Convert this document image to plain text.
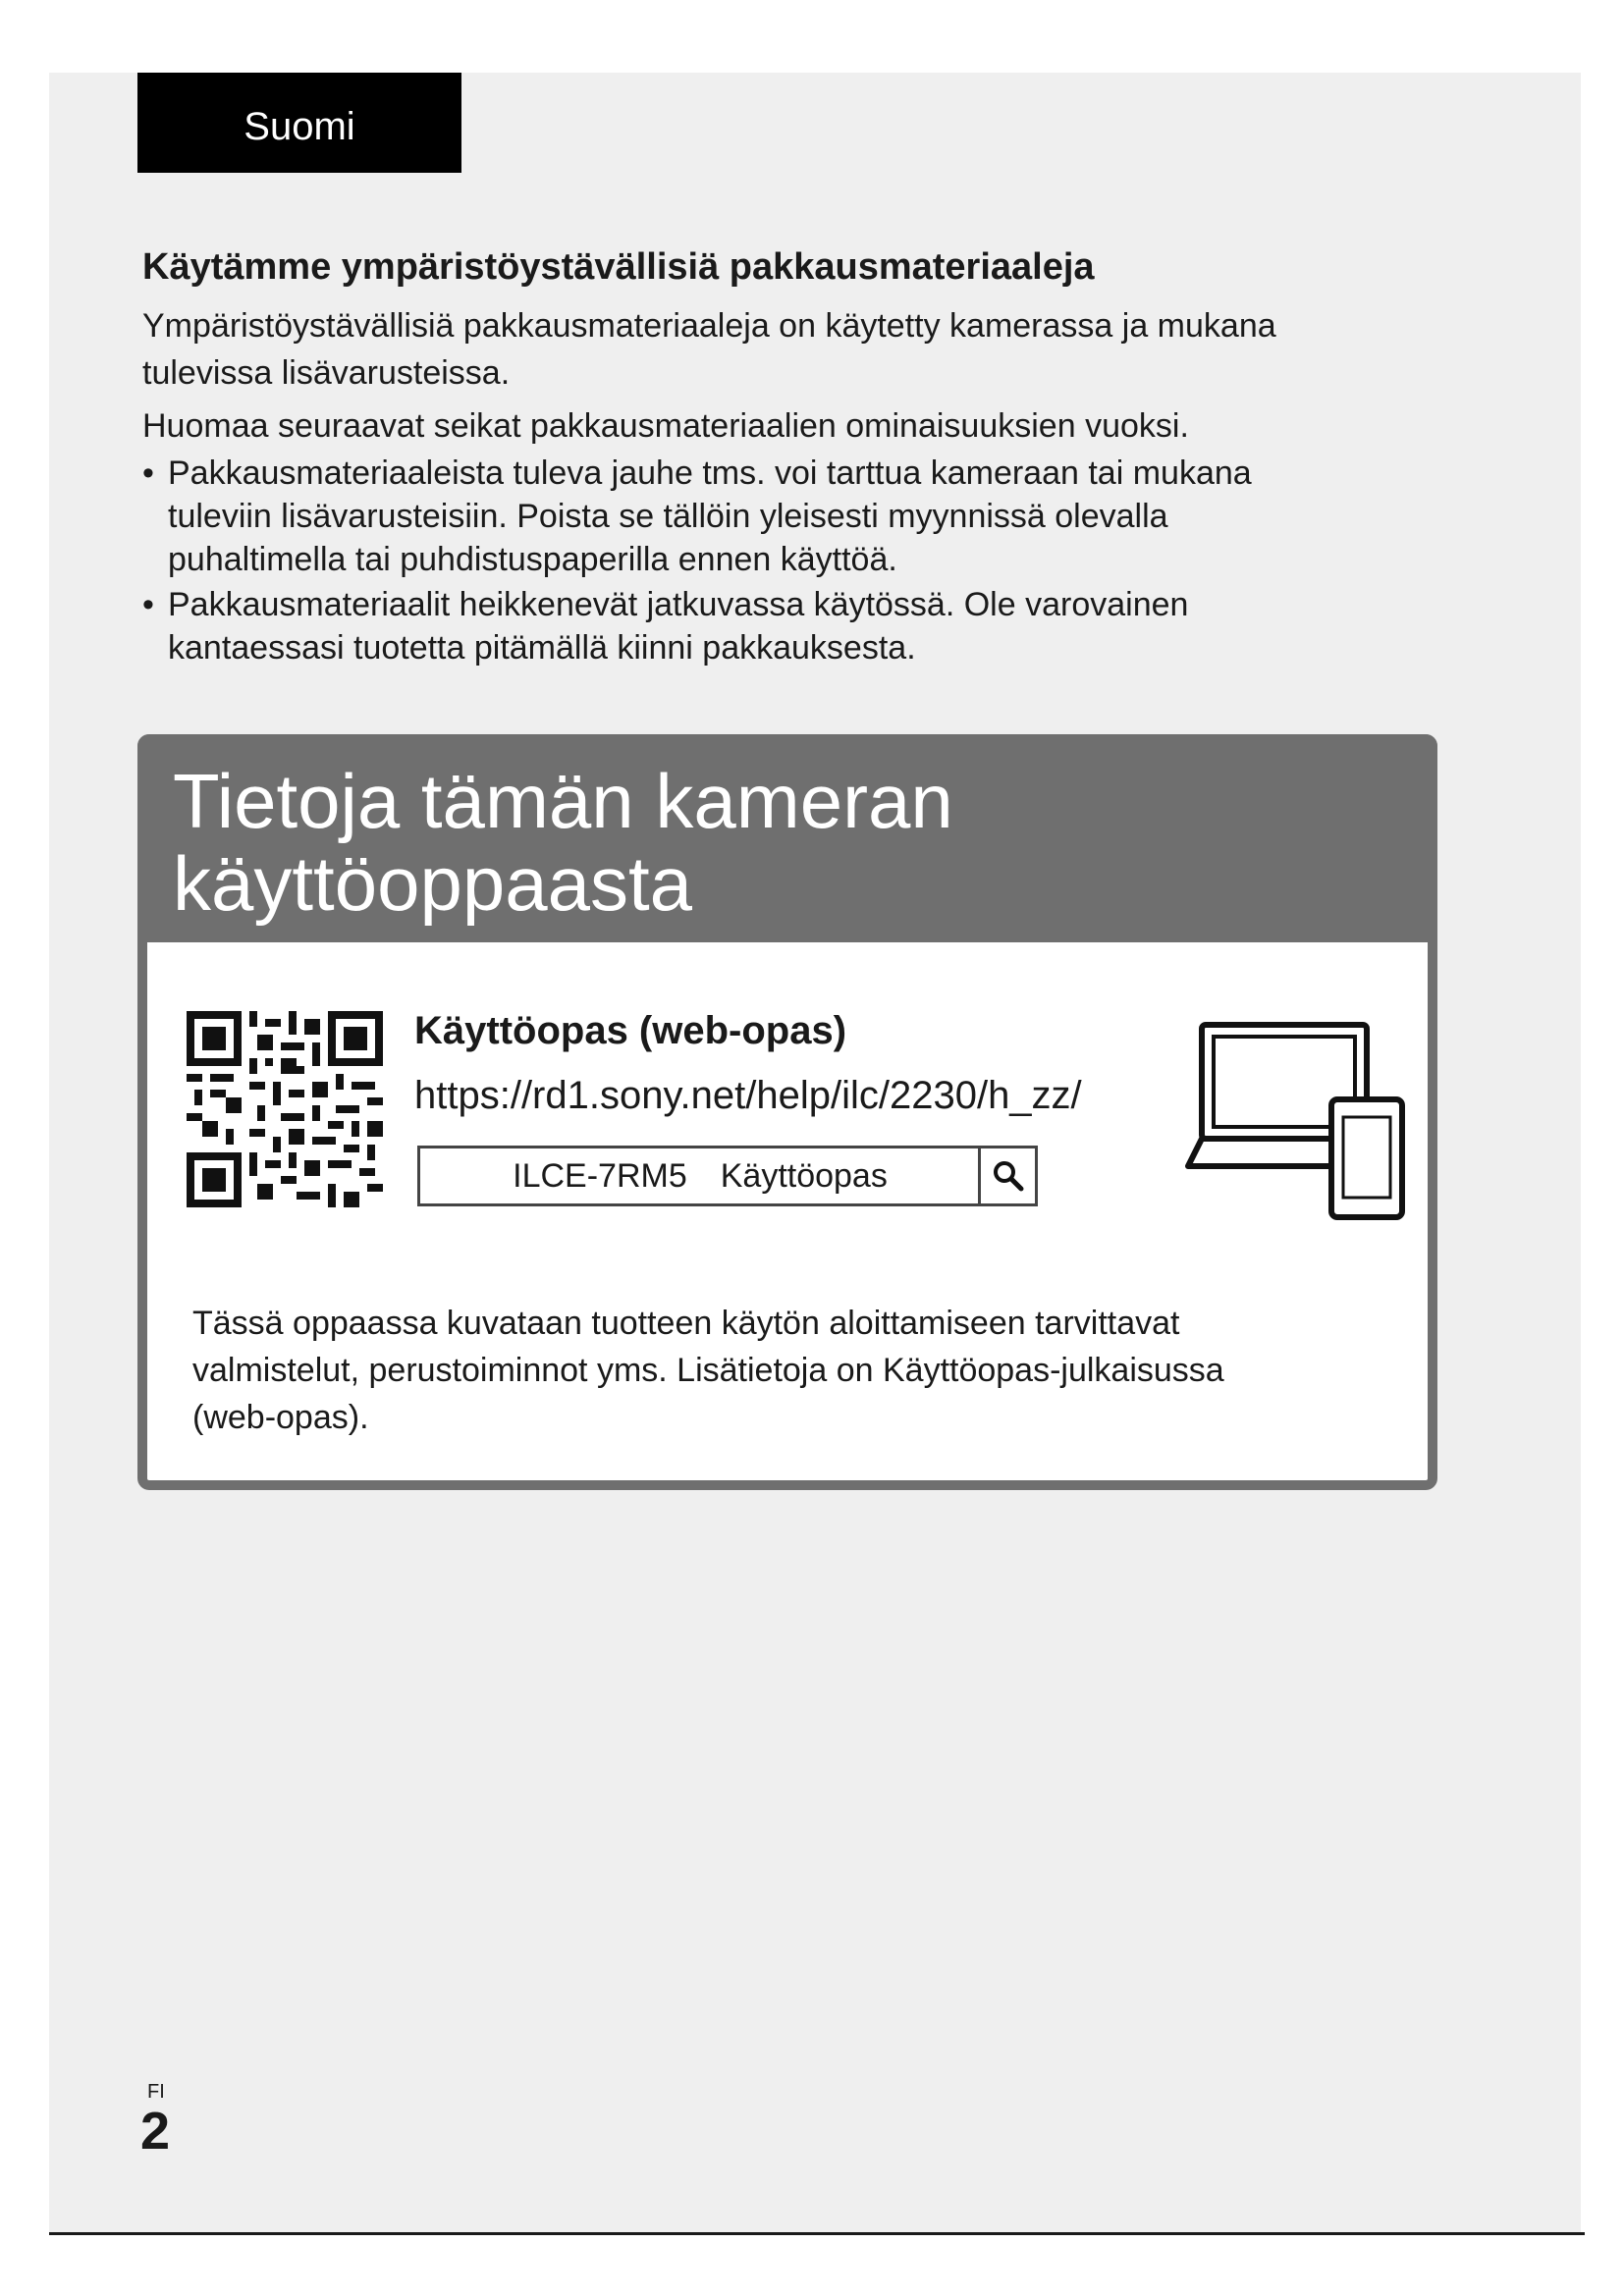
Suomi
Käytämme ympäristöystävällisiä pakkausmateriaaleja

Ympäristöystävällisiä pakkausmateriaaleja on käytetty kamerassa ja mukana

tulevissa lisävarusteissa.

Huomaa seuraavat seikat pakkausmateriaalien ominaisuuksien vuoksi.

• Pakkausmateriaaleista tuleva jauhe tms. voi tarttua kameraan tai mukana
tuleviin lisävarusteisiin. Poista se tällöin yleisesti myynnissä olevalla
puhaltimella tai puhdistuspaperilla ennen käyttöä.
• Pakkausmateriaalit heikkenevät jatkuvassa käytössä. Ole varovainen
kantaessasi tuotetta pitämällä kiinni pakkauksesta.
Tietoja tämän kameran
käyttöoppaasta
Käyttöopas (web-opas)
https://rd1.sony.net/help/ilc/2230/h_zz/
ILCE-7RM5 Käyttöopas
Tässä oppaassa kuvataan tuotteen käytön aloittamiseen tarvittavat
valmistelut, perustoiminnot yms. Lisätietoja on Käyttöopas-julkaisussa
(web-opas).
FI
2
